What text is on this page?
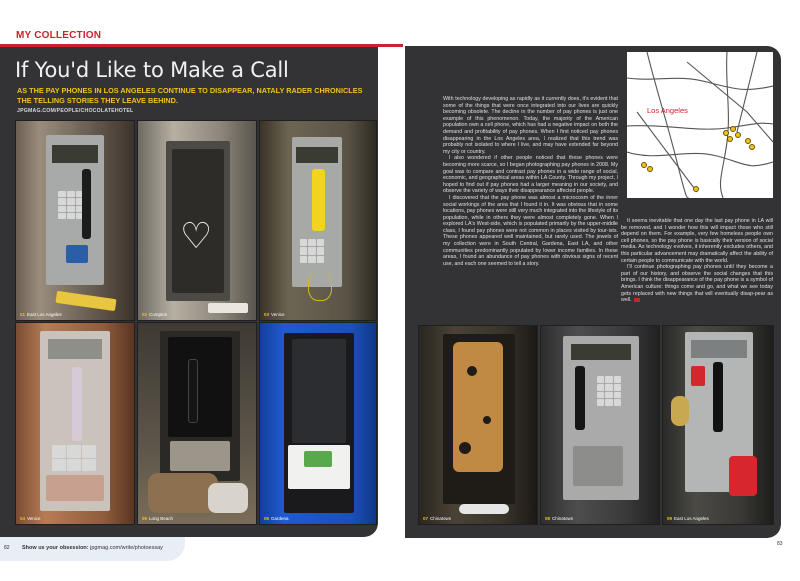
MY COLLECTION
If You'd Like to Make a Call
AS THE PAY PHONES IN LOS ANGELES CONTINUE TO DISAPPEAR, NATALY RADER CHRONICLES THE TELLING STORIES THEY LEAVE BEHIND.
JPGMAG.COM/PEOPLE/CHOCOLATEHOTEL
01 East Los Angeles
♡
02 Compton	03 Venice
04 Venice	05 Long Beach	06 Gardena
82 Show us your obsession: jpgmag.com/write/photoessay
Los Angeles

With technology developing as rapidly as it currently does, it's evident that some of the things that were once integrated into our lives are quickly becoming obsolete. The decline in the number of pay phones is just one example of this phenomenon. Today, the majority of the American population own a cell phone, which has had a negative impact on both the demand and profitability of pay phones. When I first noticed pay phones disappearing in the Los Angeles area, I realized that this trend was probably not isolated to where I live, and may have extended far beyond my city or country.

I also wondered if other people noticed that these phones were becoming more scarce, so I began photographing pay phones in 2008. My goal was to compare and contrast pay phones in a wide range of social, economic, and geographical areas within LA County. Through my project, I hoped to find out if pay phones had a larger meaning in our society, and observe the variety of ways their disappearance affected people.

I discovered that the pay phone was almost a microcosm of the inner social workings of the area that I found it in. It was obvious that in some locations, pay phones were still very much integrated into the lifestyle of its population, while in others they were almost completely gone. When I explored LA's West-side, which is populated primarily by the upper-middle class, I found pay phones were not common in places visited by tour-ists. These phones appeared well maintained, but rarely used. The jewels of my collection were in South Central, Gardena, East LA, and other communities predominantly populated by lower income families. In these areas, I found an abundance of pay phones with obvious signs of recent use, and each one seemed to tell a story.

It seems inevitable that one day the last pay phone in LA will be removed, and I wonder how this will impact those who still depend on them. For example, very few homeless people own cell phones, so the pay phone is basically their version of social media. As technology evolves, it inherently excludes others, and this particular advancement may dramatically affect the ability of certain people to communicate with the world.

I'll continue photographing pay phones until they become a part of our history, and observe the social changes that this brings. I think the disappearance of the pay phone is a symbol of American culture: things come and go, and what we see today gets replaced with new things that will eventually disap-pear as well.

07 Chinatown	08 Chinatown	09 East Los Angeles
83
